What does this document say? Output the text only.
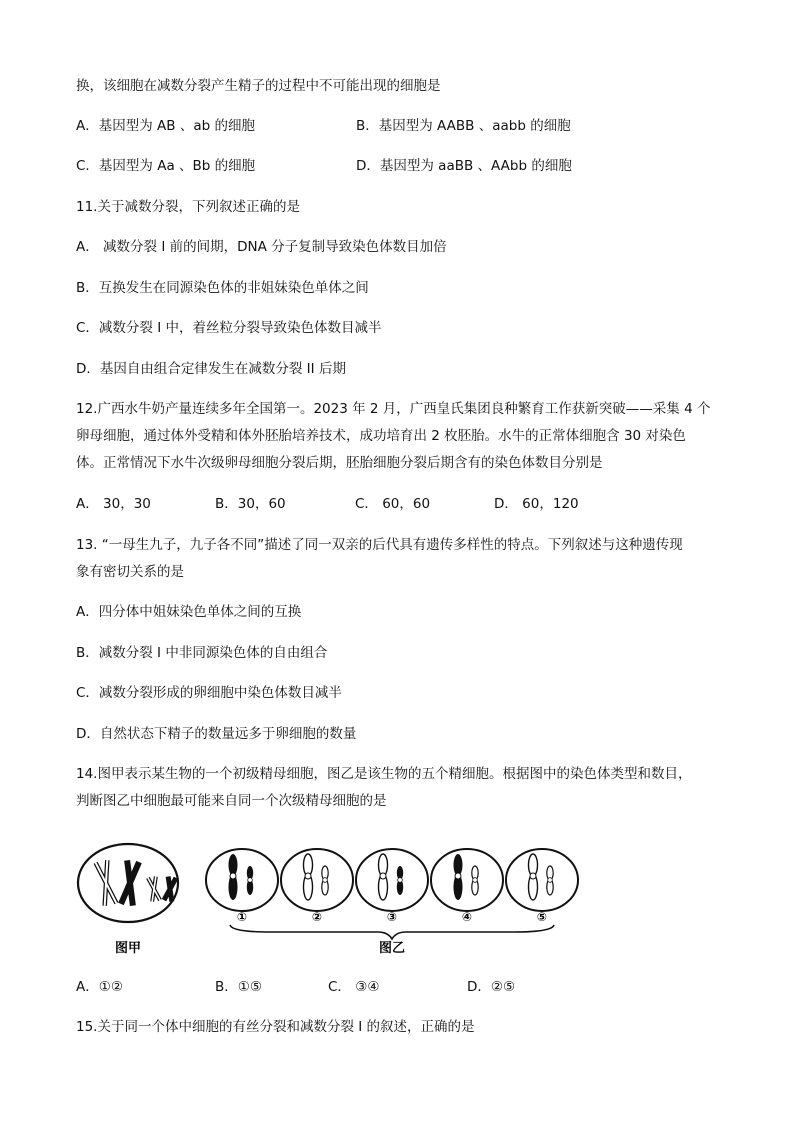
换，该细胞在减数分裂产生精子的过程中不可能出现的细胞是
A．基因型为 AB 、ab 的细胞	B．基因型为 AABB 、aabb 的细胞
C．基因型为 Aa 、Bb 的细胞	D．基因型为 aaBB 、AAbb 的细胞
11.关于减数分裂，下列叙述正确的是
A． 减数分裂 I 前的间期，DNA 分子复制导致染色体数目加倍
B．互换发生在同源染色体的非姐妹染色单体之间
C．减数分裂 I 中，着丝粒分裂导致染色体数目减半
D．基因自由组合定律发生在减数分裂 II 后期
12.广西水牛奶产量连续多年全国第一。2023 年 2 月，广西皇氏集团良种繁育工作获新突破——采集 4 个
卵母细胞，通过体外受精和体外胚胎培养技术，成功培育出 2 枚胚胎。水牛的正常体细胞含 30 对染色
体。正常情况下水牛次级卵母细胞分裂后期，胚胎细胞分裂后期含有的染色体数目分别是
A． 30，30	B．30，60	C． 60，60	D． 60，120
13. “一母生九子，九子各不同”描述了同一双亲的后代具有遗传多样性的特点。下列叙述与这种遗传现
象有密切关系的是
A．四分体中姐妹染色单体之间的互换
B．减数分裂 I 中非同源染色体的自由组合
C．减数分裂形成的卵细胞中染色体数目减半
D．自然状态下精子的数量远多于卵细胞的数量
14.图甲表示某生物的一个初级精母细胞，图乙是该生物的五个精细胞。根据图中的染色体类型和数目，
判断图乙中细胞最可能来自同一个次级精母细胞的是
图甲
①	②	③	④	⑤
图乙
A．①②	B．①⑤	C． ③④	D．②⑤
15.关于同一个体中细胞的有丝分裂和减数分裂 I 的叙述，正确的是
